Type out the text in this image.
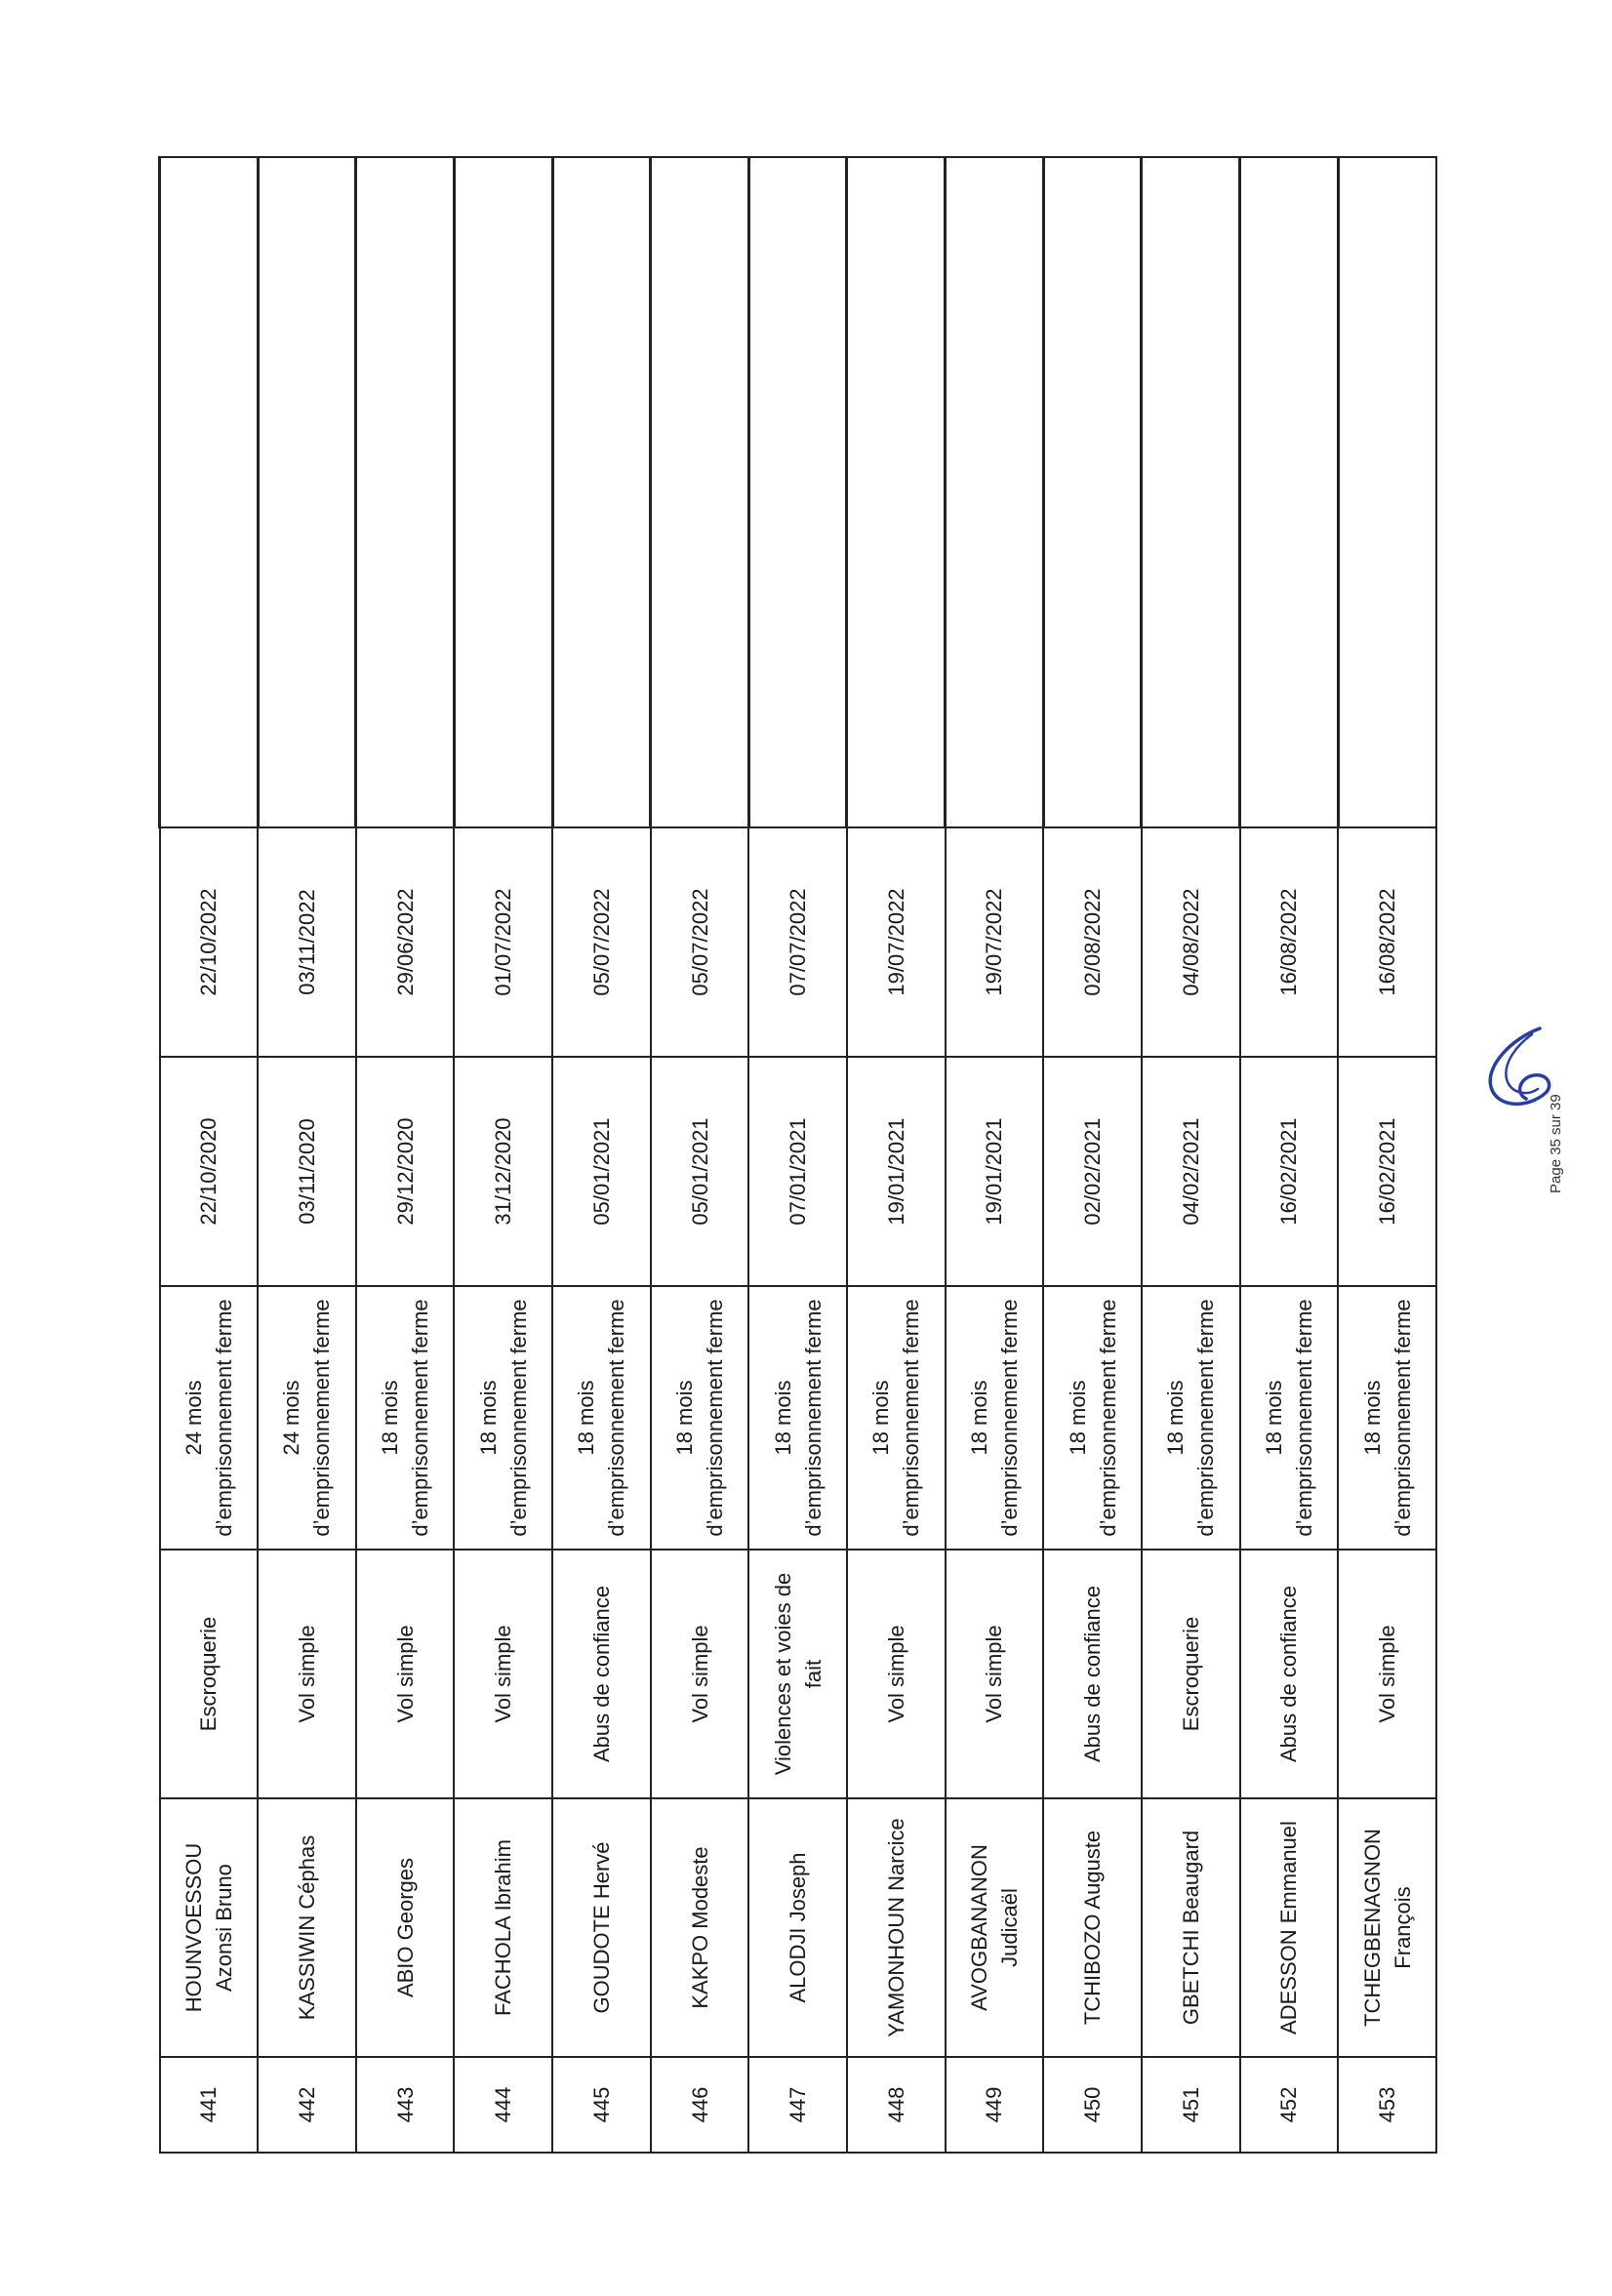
441	HOUNVOESSOU Azonsi Bruno	Escroquerie	24 mois d’emprisonnement ferme	22/10/2020	22/10/2022	
442	KASSIWIN Céphas	Vol simple	24 mois d’emprisonnement ferme	03/11/2020	03/11/2022	
443	ABIO Georges	Vol simple	18 mois d’emprisonnement ferme	29/12/2020	29/06/2022	
444	FACHOLA Ibrahim	Vol simple	18 mois d’emprisonnement ferme	31/12/2020	01/07/2022	
445	GOUDOTE Hervé	Abus de confiance	18 mois d’emprisonnement ferme	05/01/2021	05/07/2022	
446	KAKPO Modeste	Vol simple	18 mois d’emprisonnement ferme	05/01/2021	05/07/2022	
447	ALODJI Joseph	Violences et voies de fait	18 mois d’emprisonnement ferme	07/01/2021	07/07/2022	
448	YAMONHOUN Narcice	Vol simple	18 mois d’emprisonnement ferme	19/01/2021	19/07/2022	
449	AVOGBANANON Judicaël	Vol simple	18 mois d’emprisonnement ferme	19/01/2021	19/07/2022	
450	TCHIBOZO Auguste	Abus de confiance	18 mois d’emprisonnement ferme	02/02/2021	02/08/2022	
451	GBETCHI Beaugard	Escroquerie	18 mois d’emprisonnement ferme	04/02/2021	04/08/2022	
452	ADESSON Emmanuel	Abus de confiance	18 mois d’emprisonnement ferme	16/02/2021	16/08/2022	
453	TCHEGBENAGNON François	Vol simple	18 mois d’emprisonnement ferme	16/02/2021	16/08/2022	
Page 35 sur 39
